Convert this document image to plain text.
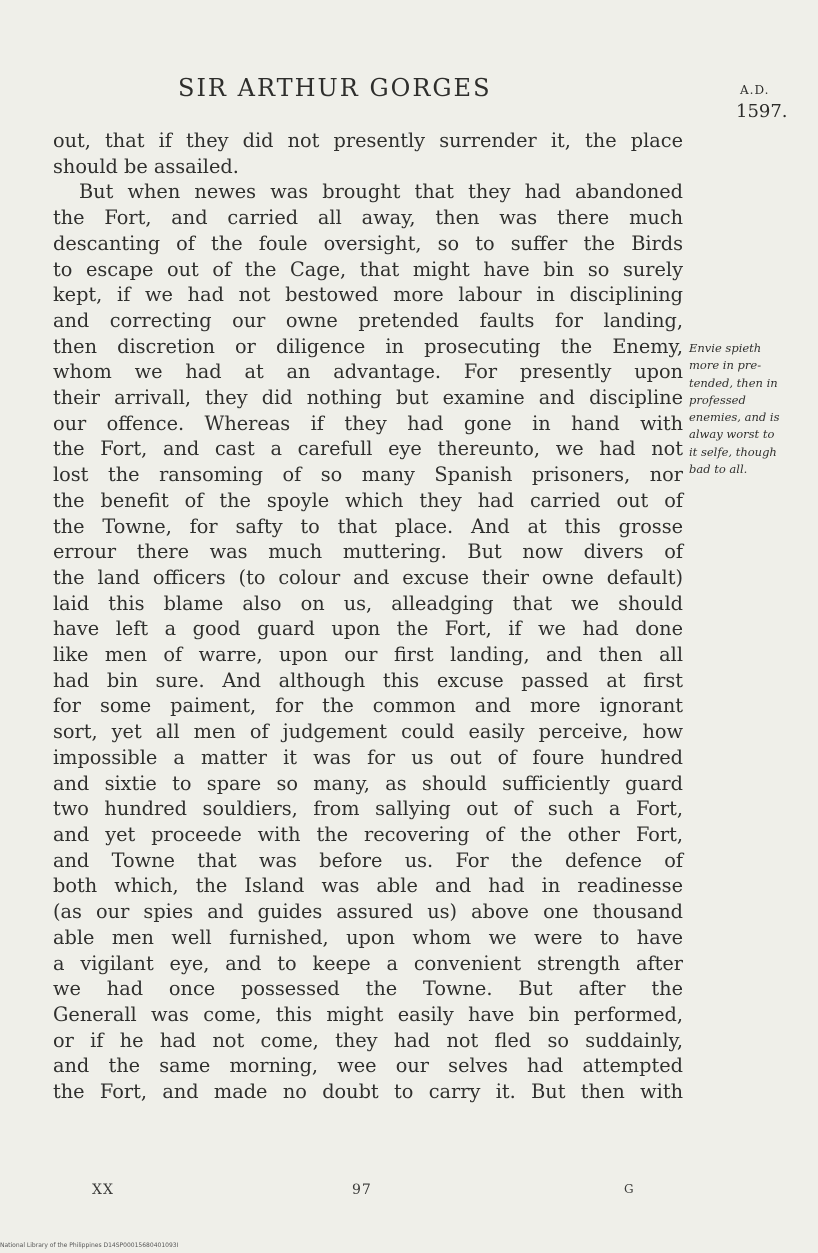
SIR ARTHUR GORGES	A.D.
1597.
out, that if they did not presently surrender it, the place
should be assailed.
But when newes was brought that they had abandoned
the Fort, and carried all away, then was there much
descanting of the foule oversight, so to suffer the Birds
to escape out of the Cage, that might have bin so surely
kept, if we had not bestowed more labour in disciplining
and correcting our owne pretended faults for landing,
then discretion or diligence in prosecuting the Enemy,
whom we had at an advantage. For presently upon
their arrivall, they did nothing but examine and discipline
our offence. Whereas if they had gone in hand with
the Fort, and cast a carefull eye thereunto, we had not
lost the ransoming of so many Spanish prisoners, nor
the benefit of the spoyle which they had carried out of
the Towne, for safty to that place. And at this grosse
errour there was much muttering. But now divers of
the land officers (to colour and excuse their owne default)
laid this blame also on us, alleadging that we should
have left a good guard upon the Fort, if we had done
like men of warre, upon our first landing, and then all
had bin sure. And although this excuse passed at first
for some paiment, for the common and more ignorant
sort, yet all men of judgement could easily perceive, how
impossible a matter it was for us out of foure hundred
and sixtie to spare so many, as should sufficiently guard
two hundred souldiers, from sallying out of such a Fort,
and yet proceede with the recovering of the other Fort,
and Towne that was before us. For the defence of
both which, the Island was able and had in readinesse
(as our spies and guides assured us) above one thousand
able men well furnished, upon whom we were to have
a vigilant eye, and to keepe a convenient strength after
we had once possessed the Towne. But after the
Generall was come, this might easily have bin performed,
or if he had not come, they had not fled so suddainly,
and the same morning, wee our selves had attempted
the Fort, and made no doubt to carry it. But then with
Envie spieth
more in pre-
tended, then in
professed
enemies, and is
alway worst to
it selfe, though
bad to all.
XX	97	G
National Library of the Philippines D14SP00015680401093I
